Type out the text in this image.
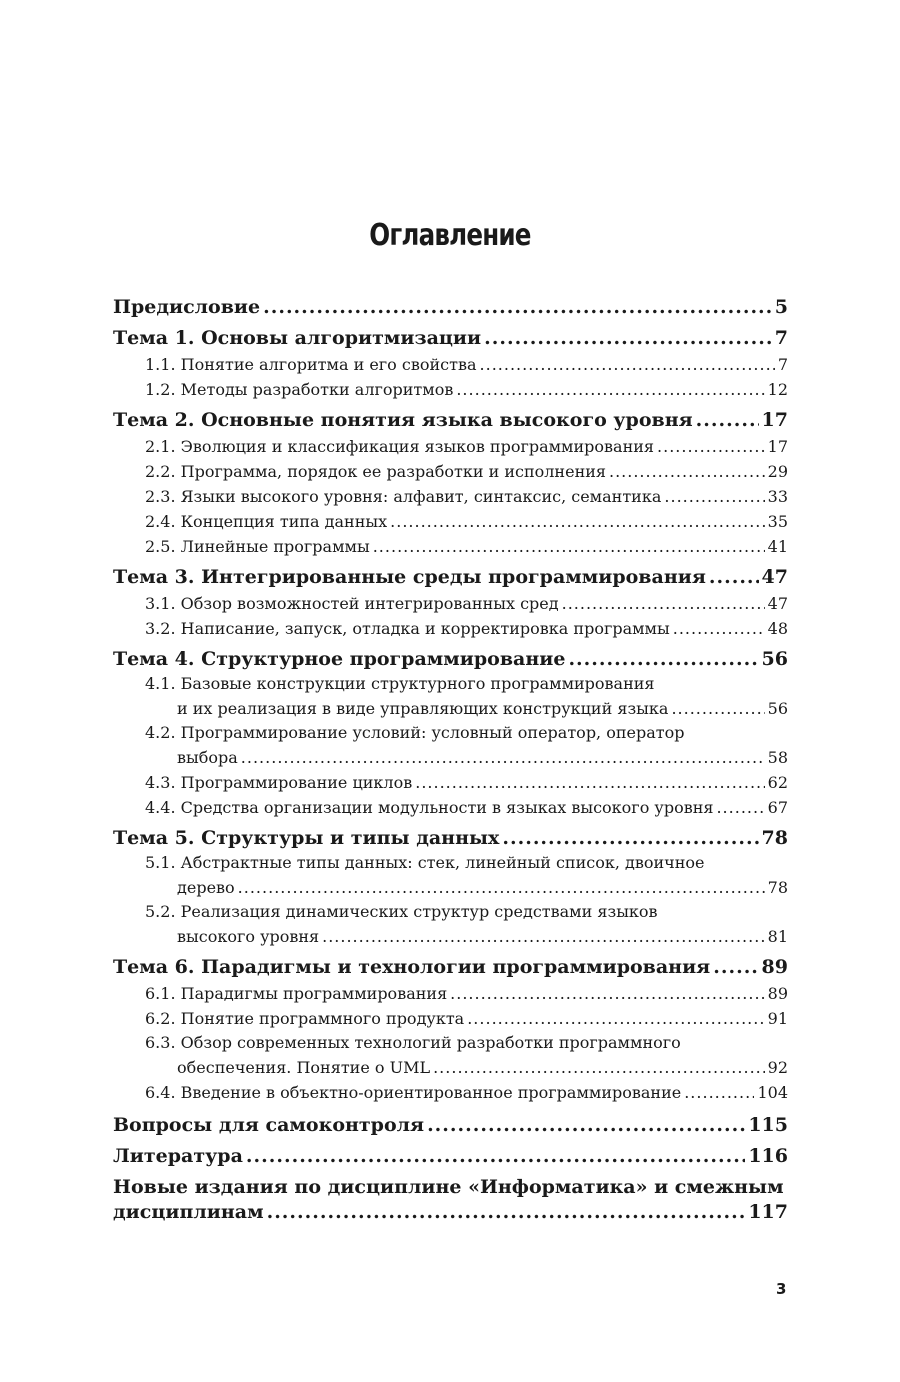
Оглавление
Предисловие .....	5
Тема 1. Основы алгоритмизации .....	7
1.1. Понятие алгоритма и его свойства .....	7
1.2. Методы разработки алгоритмов .....	12
Тема 2. Основные понятия языка высокого уровня .....	17
2.1. Эволюция и классификация языков программирования .....	17
2.2. Программа, порядок ее разработки и исполнения .....	29
2.3. Языки высокого уровня: алфавит, синтаксис, семантика .....	33
2.4. Концепция типа данных .....	35
2.5. Линейные программы .....	41
Тема 3. Интегрированные среды программирования .....	47
3.1. Обзор возможностей интегрированных сред .....	47
3.2. Написание, запуск, отладка и корректировка программы .....	48
Тема 4. Структурное программирование .....	56
4.1. Базовые конструкции структурного программирования
и их реализация в виде управляющих конструкций языка .....	56
4.2. Программирование условий: условный оператор, оператор
выбора .....	58
4.3. Программирование циклов .....	62
4.4. Средства организации модульности в языках высокого уровня .....	67
Тема 5. Структуры и типы данных .....	78
5.1. Абстрактные типы данных: стек, линейный список, двоичное
дерево .....	78
5.2. Реализация динамических структур средствами языков
высокого уровня .....	81
Тема 6. Парадигмы и технологии программирования .....	89
6.1. Парадигмы программирования .....	89
6.2. Понятие программного продукта .....	91
6.3. Обзор современных технологий разработки программного
обеспечения. Понятие о UML .....	92
6.4. Введение в объектно-ориентированное программирование .....	104
Вопросы для самоконтроля .....	115
Литература .....	116
Новые издания по дисциплине «Информатика» и смежным
дисциплинам .....	117
3
